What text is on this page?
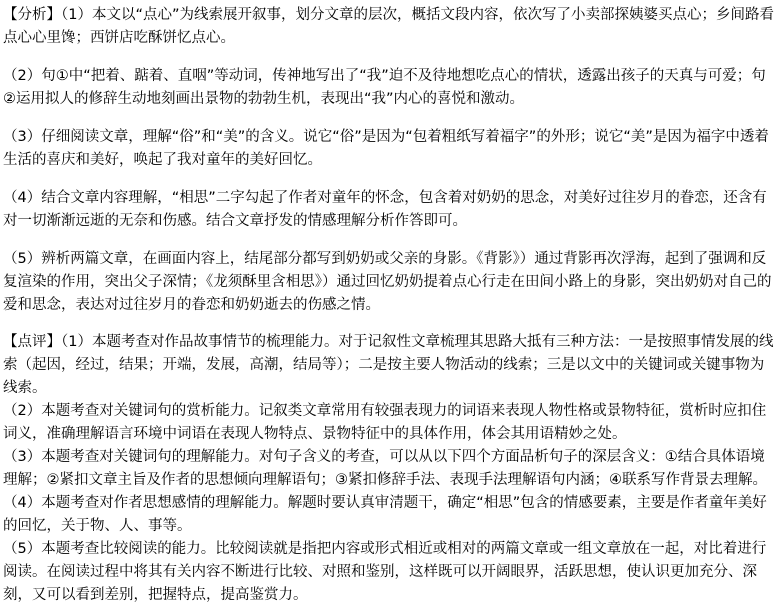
【分析】（1）本文以“点心”为线索展开叙事，划分文章的层次，概括文段内容，依次写了小卖部探姨婆买点心；乡间路看点心心里馋；西饼店吃酥饼忆点心。

（2）句①中“把着、踮着、直咽”等动词，传神地写出了“我”迫不及待地想吃点心的情状，透露出孩子的天真与可爱；句②运用拟人的修辞生动地刻画出景物的勃勃生机，表现出“我”内心的喜悦和激动。

（3）仔细阅读文章，理解“俗”和“美”的含义。说它“俗”是因为“包着粗纸写着福字”的外形；说它“美”是因为福字中透着生活的喜庆和美好，唤起了我对童年的美好回忆。

（4）结合文章内容理解，“相思”二字勾起了作者对童年的怀念，包含着对奶奶的思念，对美好过往岁月的眷恋，还含有对一切渐渐远逝的无奈和伤感。结合文章抒发的情感理解分析作答即可。

（5）辨析两篇文章，在画面内容上，结尾部分都写到奶奶或父亲的身影。《背影》）通过背影再次浮海，起到了强调和反复渲染的作用，突出父子深情；《龙须酥里含相思》）通过回忆奶奶提着点心行走在田间小路上的身影，突出奶奶对自己的爱和思念，表达对过往岁月的眷恋和奶奶逝去的伤感之情。

【点评】（1）本题考查对作品故事情节的梳理能力。对于记叙性文章梳理其思路大抵有三种方法：一是按照事情发展的线索（起因，经过，结果；开端，发展，高潮，结局等）；二是按主要人物活动的线索；三是以文中的关键词或关键事物为线索。

（2）本题考查对关键词句的赏析能力。记叙类文章常用有较强表现力的词语来表现人物性格或景物特征，赏析时应扣住词义，准确理解语言环境中词语在表现人物特点、景物特征中的具体作用，体会其用语精妙之处。

（3）本题考查对关键词句的理解能力。对句子含义的考查，可以从以下四个方面品析句子的深层含义：①结合具体语境理解；②紧扣文章主旨及作者的思想倾向理解语句；③紧扣修辞手法、表现手法理解语句内涵；④联系写作背景去理解。

（4）本题考查对作者思想感情的理解能力。解题时要认真审清题干，确定“相思”包含的情感要素，主要是作者童年美好的回忆，关于物、人、事等。

（5）本题考查比较阅读的能力。比较阅读就是指把内容或形式相近或相对的两篇文章或一组文章放在一起，对比着进行阅读。在阅读过程中将其有关内容不断进行比较、对照和鉴别，这样既可以开阔眼界，活跃思想，使认识更加充分、深刻，又可以看到差别，把握特点，提高鉴赏力。
